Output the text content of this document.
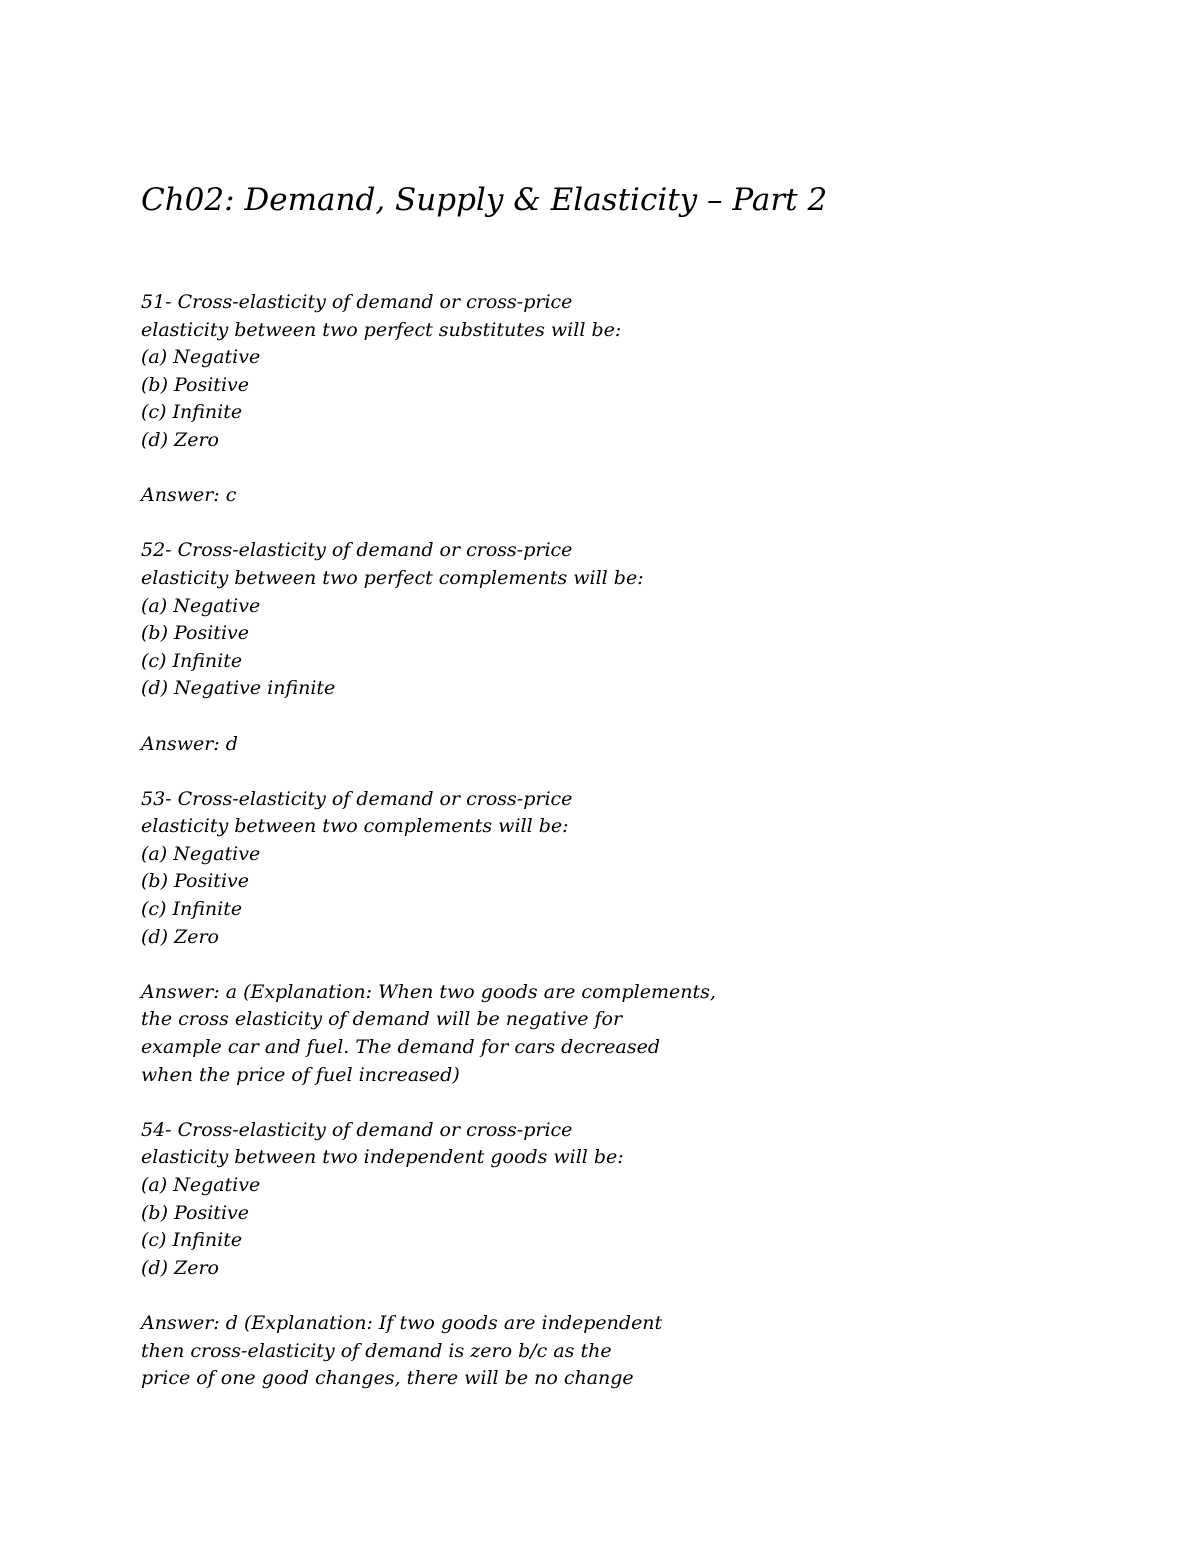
Ch02: Demand, Supply & Elasticity – Part 2
51- Cross-elasticity of demand or cross-price
elasticity between two perfect substitutes will be:
(a) Negative
(b) Positive
(c) Infinite
(d) Zero
Answer: c
52- Cross-elasticity of demand or cross-price
elasticity between two perfect complements will be:
(a) Negative
(b) Positive
(c) Infinite
(d) Negative infinite
Answer: d
53- Cross-elasticity of demand or cross-price
elasticity between two complements will be:
(a) Negative
(b) Positive
(c) Infinite
(d) Zero
Answer: a (Explanation: When two goods are complements,
the cross elasticity of demand will be negative for
example car and fuel. The demand for cars decreased
when the price of fuel increased)
54- Cross-elasticity of demand or cross-price
elasticity between two independent goods will be:
(a) Negative
(b) Positive
(c) Infinite
(d) Zero
Answer: d (Explanation: If two goods are independent
then cross-elasticity of demand is zero b/c as the
price of one good changes, there will be no change
